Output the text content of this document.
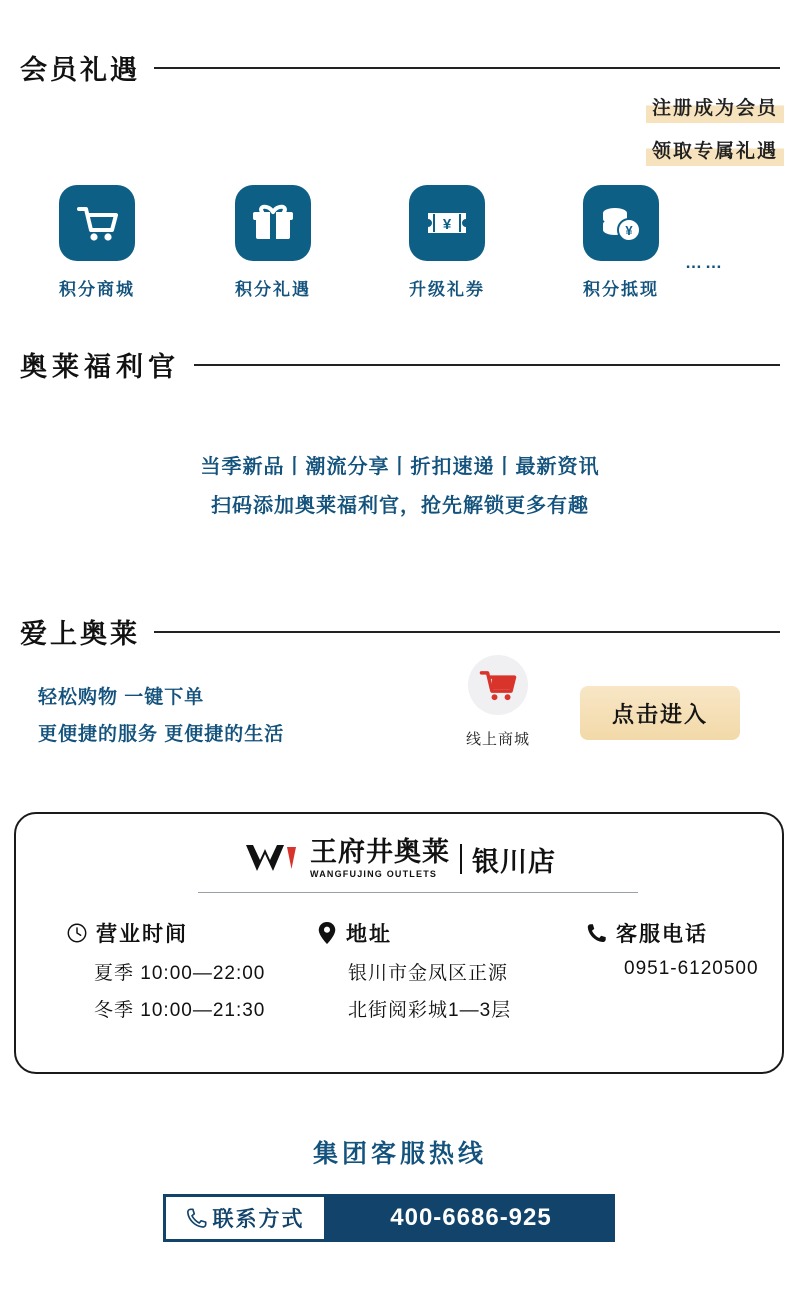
会员礼遇
注册成为会员
领取专属礼遇
积分商城	积分礼遇
¥
升级礼券
¥
积分抵现
……
奥莱福利官
当季新品丨潮流分享丨折扣速递丨最新资讯
扫码添加奥莱福利官，抢先解锁更多有趣
爱上奥莱
轻松购物 一键下单
更便捷的服务 更便捷的生活	线上商城
点击进入
王府井奥莱
WANGFUJING OUTLETS	银川店
营业时间
夏季 10:00—22:00
冬季 10:00—21:30
地址
银川市金凤区正源
北街阅彩城1—3层
客服电话
0951-6120500
集团客服热线
联系方式	400-6686-925
